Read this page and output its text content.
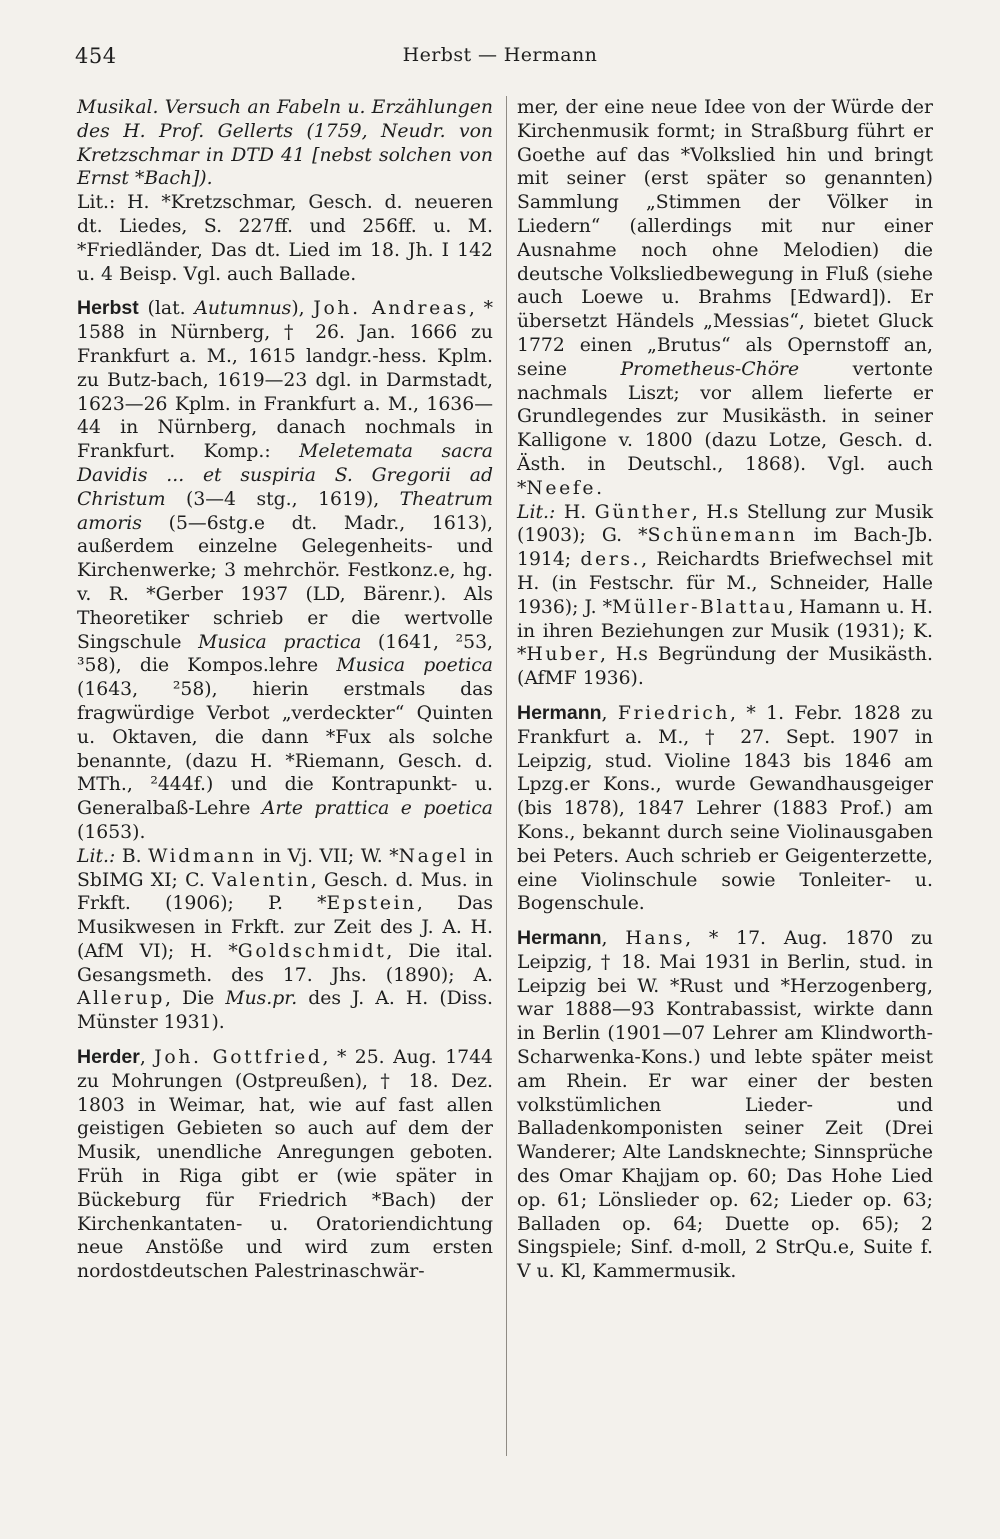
454	Herbst — Hermann

Musikal. Versuch an Fabeln u. Erzählungen des H. Prof. Gellerts (1759, Neudr. von Kretzschmar in DTD 41 [nebst solchen von Ernst *Bach]).

Lit.: H. *Kretzschmar, Gesch. d. neueren dt. Liedes, S. 227ff. und 256ff. u. M. *Friedländer, Das dt. Lied im 18. Jh. I 142 u. 4 Beisp. Vgl. auch Ballade.

Herbst (lat. Autumnus), Joh. Andreas, * 1588 in Nürnberg, † 26. Jan. 1666 zu Frankfurt a. M., 1615 landgr.-hess. Kplm. zu Butz-bach, 1619—23 dgl. in Darmstadt, 1623—26 Kplm. in Frankfurt a. M., 1636—44 in Nürnberg, danach nochmals in Frankfurt. Komp.: Meletemata sacra Davidis ... et suspiria S. Gregorii ad Christum (3—4 stg., 1619), Theatrum amoris (5—6stg.e dt. Madr., 1613), außerdem einzelne Gelegenheits- und Kirchenwerke; 3 mehrchör. Festkonz.e, hg. v. R. *Gerber 1937 (LD, Bärenr.). Als Theoretiker schrieb er die wertvolle Singschule Musica practica (1641, ²53, ³58), die Kompos.lehre Musica poetica (1643, ²58), hierin erstmals das fragwürdige Verbot „verdeckter“ Quinten u. Oktaven, die dann *Fux als solche benannte, (dazu H. *Riemann, Gesch. d. MTh., ²444f.) und die Kontrapunkt- u. Generalbaß-Lehre Arte prattica e poetica (1653).

Lit.: B. Widmann in Vj. VII; W. *Nagel in SbIMG XI; C. Valentin, Gesch. d. Mus. in Frkft. (1906); P. *Epstein, Das Musikwesen in Frkft. zur Zeit des J. A. H. (AfM VI); H. *Goldschmidt, Die ital. Gesangsmeth. des 17. Jhs. (1890); A. Allerup, Die Mus.pr. des J. A. H. (Diss. Münster 1931).

Herder, Joh. Gottfried, * 25. Aug. 1744 zu Mohrungen (Ostpreußen), † 18. Dez. 1803 in Weimar, hat, wie auf fast allen geistigen Gebieten so auch auf dem der Musik, unendliche Anregungen geboten. Früh in Riga gibt er (wie später in Bückeburg für Friedrich *Bach) der Kirchenkantaten- u. Oratoriendichtung neue Anstöße und wird zum ersten nordostdeutschen Palestrinaschwär-

mer, der eine neue Idee von der Würde der Kirchenmusik formt; in Straßburg führt er Goethe auf das *Volkslied hin und bringt mit seiner (erst später so genannten) Sammlung „Stimmen der Völker in Liedern“ (allerdings mit nur einer Ausnahme noch ohne Melodien) die deutsche Volksliedbewegung in Fluß (siehe auch Loewe u. Brahms [Edward]). Er übersetzt Händels „Messias“, bietet Gluck 1772 einen „Brutus“ als Opernstoff an, seine Prometheus-Chöre vertonte nachmals Liszt; vor allem lieferte er Grundlegendes zur Musikästh. in seiner Kalligone v. 1800 (dazu Lotze, Gesch. d. Ästh. in Deutschl., 1868). Vgl. auch *Neefe.

Lit.: H. Günther, H.s Stellung zur Musik (1903); G. *Schünemann im Bach-Jb. 1914; ders., Reichardts Briefwechsel mit H. (in Festschr. für M., Schneider, Halle 1936); J. *Müller-Blattau, Hamann u. H. in ihren Beziehungen zur Musik (1931); K. *Huber, H.s Begründung der Musikästh. (AfMF 1936).

Hermann, Friedrich, * 1. Febr. 1828 zu Frankfurt a. M., † 27. Sept. 1907 in Leipzig, stud. Violine 1843 bis 1846 am Lpzg.er Kons., wurde Gewandhausgeiger (bis 1878), 1847 Lehrer (1883 Prof.) am Kons., bekannt durch seine Violinausgaben bei Peters. Auch schrieb er Geigenterzette, eine Violinschule sowie Tonleiter- u. Bogenschule.

Hermann, Hans, * 17. Aug. 1870 zu Leipzig, † 18. Mai 1931 in Berlin, stud. in Leipzig bei W. *Rust und *Herzogenberg, war 1888—93 Kontrabassist, wirkte dann in Berlin (1901—07 Lehrer am Klindworth-Scharwenka-Kons.) und lebte später meist am Rhein. Er war einer der besten volkstümlichen Lieder- und Balladenkomponisten seiner Zeit (Drei Wanderer; Alte Landsknechte; Sinnsprüche des Omar Khajjam op. 60; Das Hohe Lied op. 61; Lönslieder op. 62; Lieder op. 63; Balladen op. 64; Duette op. 65); 2 Singspiele; Sinf. d-moll, 2 StrQu.e, Suite f. V u. Kl, Kammermusik.
